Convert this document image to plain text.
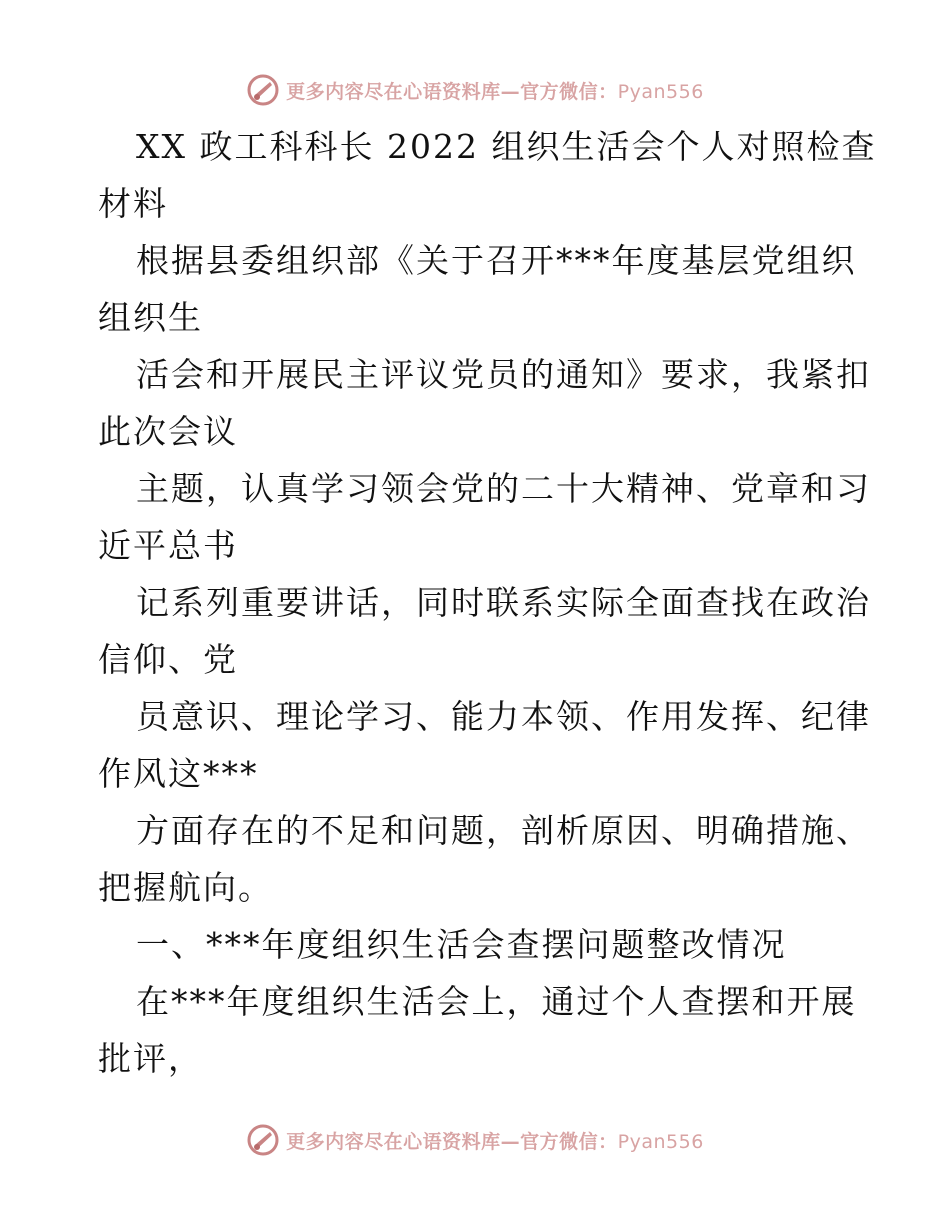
更多内容尽在心语资料库—官方微信：Pyan556
XX 政工科科长 2022 组织生活会个人对照检查
材料
根据县委组织部《关于召开***年度基层党组织
组织生
活会和开展民主评议党员的通知》要求，我紧扣
此次会议
主题，认真学习领会党的二十大精神、党章和习
近平总书
记系列重要讲话，同时联系实际全面查找在政治
信仰、党
员意识、理论学习、能力本领、作用发挥、纪律
作风这***
方面存在的不足和问题，剖析原因、明确措施、
把握航向。
一、***年度组织生活会查摆问题整改情况
在***年度组织生活会上，通过个人查摆和开展
批评，
更多内容尽在心语资料库—官方微信：Pyan556
